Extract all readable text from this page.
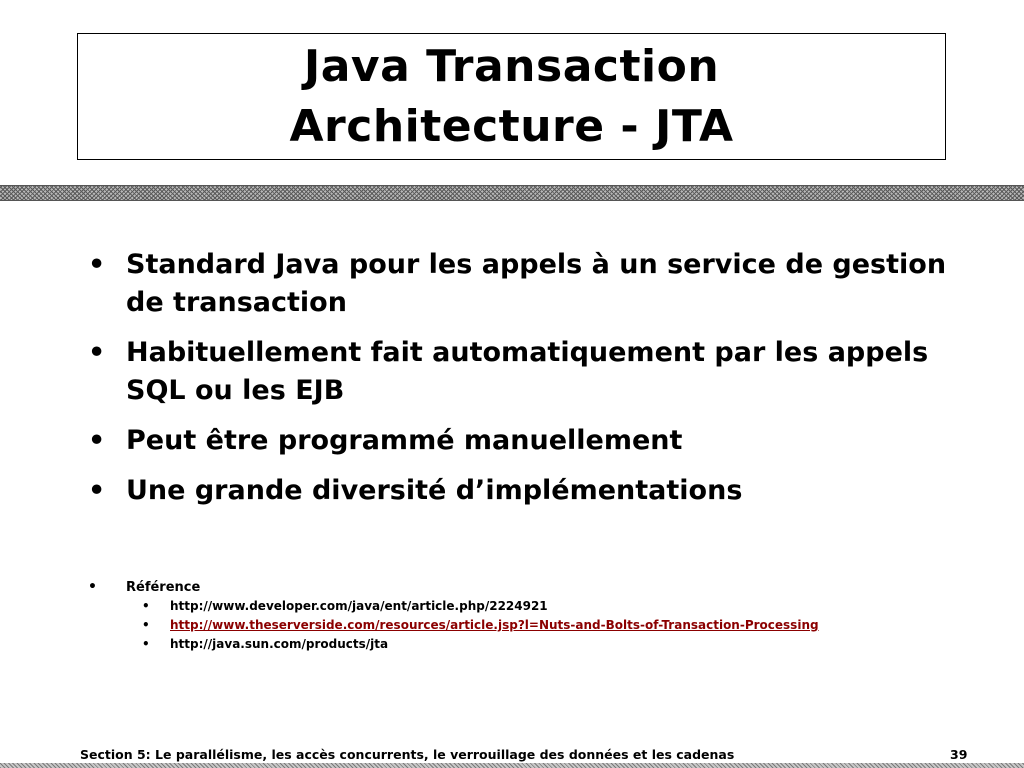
Java Transaction
Architecture - JTA
• Standard Java pour les appels à un service de gestion de transaction
• Habituellement fait automatiquement par les appels SQL ou les EJB
• Peut être programmé manuellement
• Une grande diversité d’implémentations
• Référence
• http://www.developer.com/java/ent/article.php/2224921
• http://www.theserverside.com/resources/article.jsp?l=Nuts-and-Bolts-of-Transaction-Processing
• http://java.sun.com/products/jta
Section 5: Le parallélisme, les accès concurrents, le verrouillage des données et les cadenas	39
